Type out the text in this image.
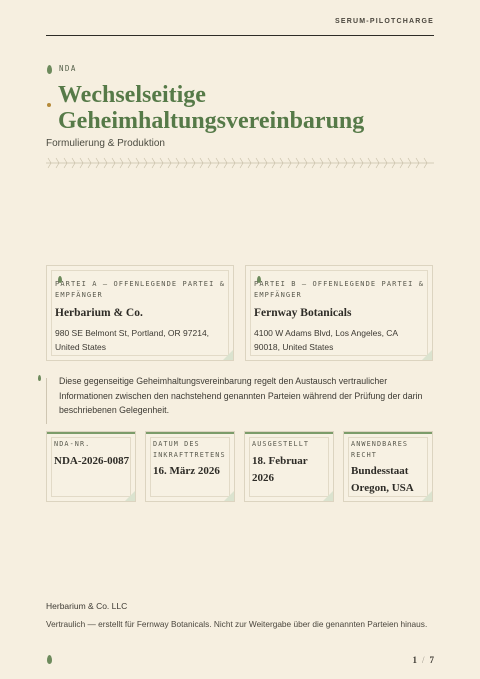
SERUM-PILOTCHARGE
NDA
Wechselseitige
Geheimhaltungsvereinbarung
Formulierung & Produktion
PARTEI A — OFFENLEGENDE PARTEI & EMPFÄNGER
Herbarium & Co.
980 SE Belmont St, Portland, OR 97214, United States
PARTEI B — OFFENLEGENDE PARTEI & EMPFÄNGER
Fernway Botanicals
4100 W Adams Blvd, Los Angeles, CA 90018, United States

Diese gegenseitige Geheimhaltungsvereinbarung regelt den Austausch vertraulicher Informationen zwischen den nachstehend genannten Parteien während der Prüfung der darin beschriebenen Gelegenheit.

NDA-NR.
NDA-2026-0087
DATUM DES INKRAFTTRETENS
16. März 2026
AUSGESTELLT
18. Februar 2026
ANWENDBARES RECHT
Bundesstaat Oregon, USA
Herbarium & Co. LLC
Vertraulich — erstellt für Fernway Botanicals. Nicht zur Weitergabe über die genannten Parteien hinaus.
1 / 7
